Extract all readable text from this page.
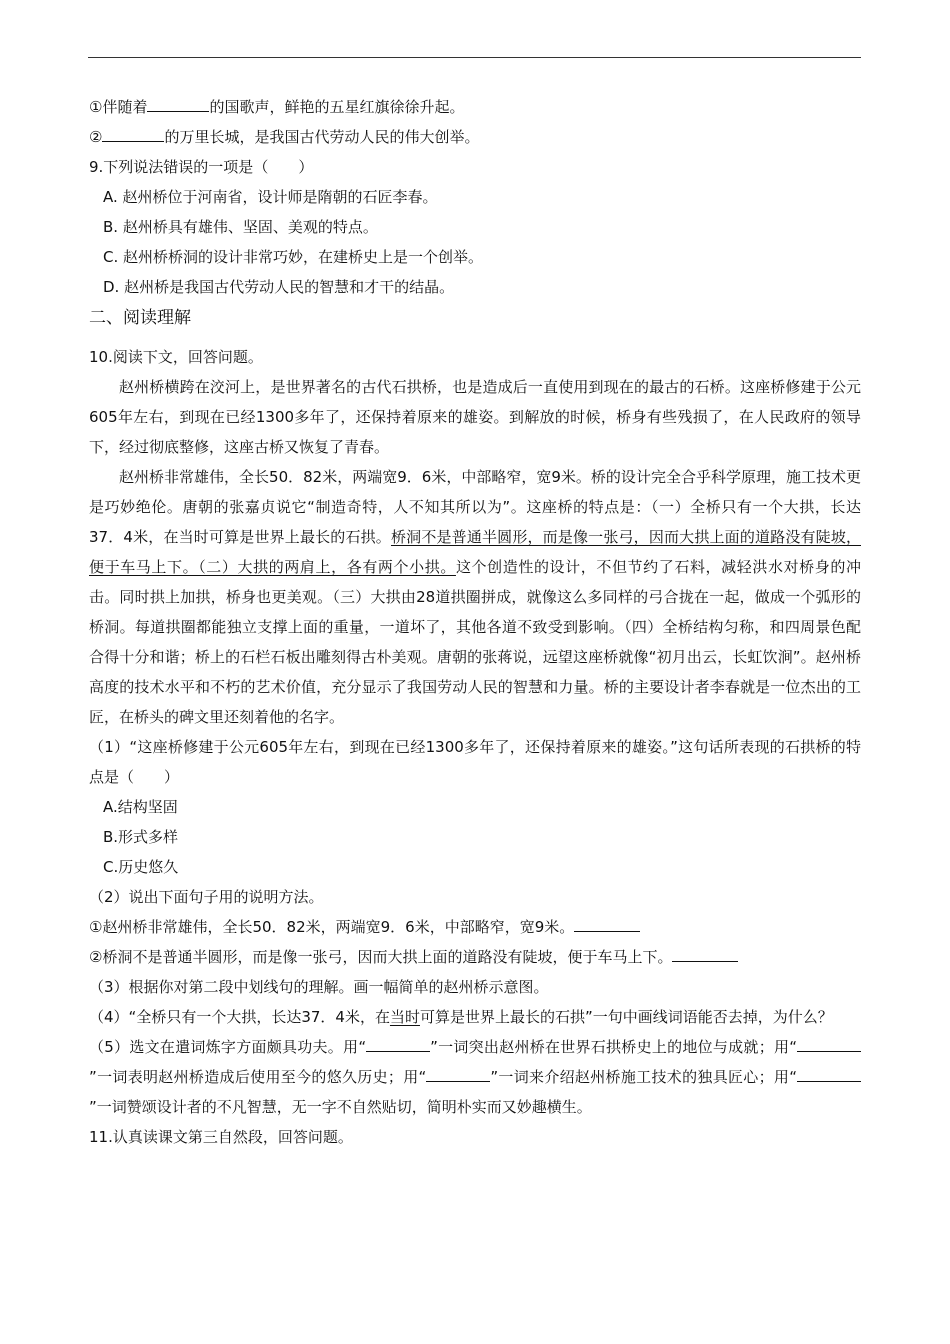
①伴随着	的国歌声，鲜艳的五星红旗徐徐升起。
②	的万里长城，是我国古代劳动人民的伟大创举。
9.下列说法错误的一项是（　　）
A. 赵州桥位于河南省，设计师是隋朝的石匠李春。
B. 赵州桥具有雄伟、坚固、美观的特点。
C. 赵州桥桥洞的设计非常巧妙，在建桥史上是一个创举。
D. 赵州桥是我国古代劳动人民的智慧和才干的结晶。
二、阅读理解
10.阅读下文，回答问题。
赵州桥横跨在洨河上，是世界著名的古代石拱桥，也是造成后一直使用到现在的最古的石桥。这座桥修建于公元605年左右，到现在已经1300多年了，还保持着原来的雄姿。到解放的时候，桥身有些残损了，在人民政府的领导下，经过彻底整修，这座古桥又恢复了青春。
赵州桥非常雄伟，全长50．82米，两端宽9．6米，中部略窄，宽9米。桥的设计完全合乎科学原理，施工技术更是巧妙绝伦。唐朝的张嘉贞说它“制造奇特，人不知其所以为”。这座桥的特点是：（一）全桥只有一个大拱，长达37．4米，在当时可算是世界上最长的石拱。桥洞不是普通半圆形，而是像一张弓，因而大拱上面的道路没有陡坡，便于车马上下。（二）大拱的两肩上，各有两个小拱。这个创造性的设计，不但节约了石料，减轻洪水对桥身的冲击。同时拱上加拱，桥身也更美观。（三）大拱由28道拱圈拼成，就像这么多同样的弓合拢在一起，做成一个弧形的桥洞。每道拱圈都能独立支撑上面的重量，一道坏了，其他各道不致受到影响。（四）全桥结构匀称，和四周景色配合得十分和谐；桥上的石栏石板出雕刻得古朴美观。唐朝的张蒋说，远望这座桥就像“初月出云，长虹饮涧”。赵州桥高度的技术水平和不朽的艺术价值，充分显示了我国劳动人民的智慧和力量。桥的主要设计者李春就是一位杰出的工匠，在桥头的碑文里还刻着他的名字。
（1）“这座桥修建于公元605年左右，到现在已经1300多年了，还保持着原来的雄姿。”这句话所表现的石拱桥的特点是（　　）
A.结构坚固
B.形式多样
C.历史悠久
（2）说出下面句子用的说明方法。
①赵州桥非常雄伟，全长50．82米，两端宽9．6米，中部略窄，宽9米。
②桥洞不是普通半圆形，而是像一张弓，因而大拱上面的道路没有陡坡，便于车马上下。
（3）根据你对第二段中划线句的理解。画一幅简单的赵州桥示意图。
（4）“全桥只有一个大拱，长达37．4米，在当时可算是世界上最长的石拱”一句中画线词语能否去掉，为什么？
（5）选文在遣词炼字方面颇具功夫。用“	”一词突出赵州桥在世界石拱桥史上的地位与成就；用“”一词表明赵州桥造成后使用至今的悠久历史；用“	”一词来介绍赵州桥施工技术的独具匠心；用“”一词赞颂设计者的不凡智慧，无一字不自然贴切，简明朴实而又妙趣横生。
11.认真读课文第三自然段，回答问题。
